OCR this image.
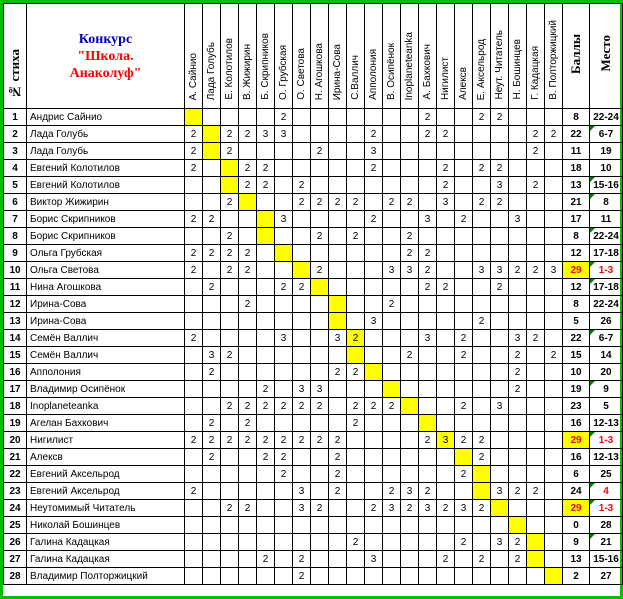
№ стиха	Конкурс
"Школа.
Анаколуф"	А. Сайнио	Лада Голубь	Е. Колотилов	В. Жижирин	Б. Скрипников	О. Грубская	О. Светова	Н. Агошкова	Ирина-Сова	С.Валлич	Апполония	В. Осипёнок	Inoplaneteanka	А. Бахкович	Нигилист	Алексв	Е. Аксельрод	Неут. Читатель	Н. Бошинцев	Г. Кадацкая	В. Полторжицкий	Баллы	Место
1	Андрис Сайнио						2								2			2	2				8	22-24
2	Лада Голубь	2		2	2	3	3					2			2	2					2	2	22	6-7
3	Лада Голубь	2		2					2			3									2		11	19
4	Евгений Колотилов	2			2	2						2				2		2	2				18	10
5	Евгений Колотилов				2	2		2								2			3		2		13	15-16
6	Виктор Жижирин			2				2	2	2	2		2	2		3		2	2				21	8
7	Борис Скрипников	2	2				3					2			3		2			3			17	11
8	Борис Скрипников			2					2		2			2									8	22-24
9	Ольга Грубская	2	2	2	2									2	2								12	17-18
10	Ольга Светова	2		2	2				2				3	3	2			3	3	2	2	3	29	1-3
11	Нина Агошкова		2				2	2							2	2			2				12	17-18
12	Ирина-Сова				2								2										8	22-24
13	Ирина-Сова											3						2					5	26
14	Семён Валлич	2					3			3	2				3		2			3	2		22	6-7
15	Семён Валлич		3	2										2			2			2		2	15	14
16	Апполония		2							2	2									2			10	20
17	Владимир Осипёнок					2		3	3											2			19	9
18	Inoplaneteanka			2	2	2	2	2	2		2	2	2				2		3				23	5
19	Агелан Бахкович		2		2						2												16	12-13
20	Нигилист	2	2	2	2	2	2	2	2	2					2	3	2	2					29	1-3
21	Алексв		2			2	2			2								2					16	12-13
22	Евгений Аксельрод						2			2							2						6	25
23	Евгений Аксельрод	2						3		2			2	3	2				3	2	2		24	4
24	Неутомимый Читатель			2	2			3	2			2	3	2	3	2	3	2					29	1-3
25	Николай Бошинцев																						0	28
26	Галина Кадацкая										2						2		3	2			9	21
27	Галина Кадацкая					2		2				3				2		2		2			13	15-16
28	Владимир Полторжицкий							2															2	27
